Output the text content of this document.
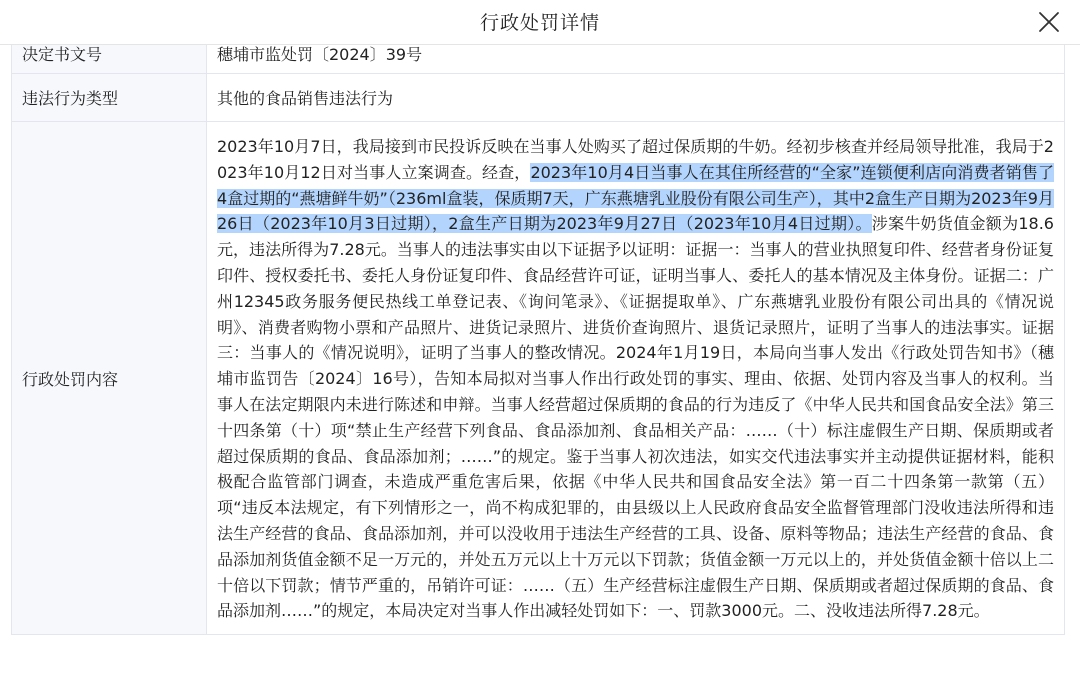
决定书文号	穗埔市监处罚〔2024〕39号
违法行为类型	其他的食品销售违法行为
行政处罚内容	2023年10月7日，我局接到市民投诉反映在当事人处购买了超过保质期的牛奶。经初步核查并经局领导批准，我局于2023年10月12日对当事人立案调查。经查，2023年10月4日当事人在其住所经营的“全家”连锁便利店向消费者销售了4盒过期的“燕塘鲜牛奶”（236ml盒装，保质期7天，广东燕塘乳业股份有限公司生产），其中2盒生产日期为2023年9月26日（2023年10月3日过期），2盒生产日期为2023年9月27日（2023年10月4日过期）。涉案牛奶货值金额为18.6元，违法所得为7.28元。当事人的违法事实由以下证据予以证明：证据一：当事人的营业执照复印件、经营者身份证复印件、授权委托书、委托人身份证复印件、食品经营许可证，证明当事人、委托人的基本情况及主体身份。证据二：广州12345政务服务便民热线工单登记表、《询问笔录》、《证据提取单》、广东燕塘乳业股份有限公司出具的《情况说明》、消费者购物小票和产品照片、进货记录照片、进货价查询照片、退货记录照片，证明了当事人的违法事实。证据三：当事人的《情况说明》，证明了当事人的整改情况。2024年1月19日，本局向当事人发出《行政处罚告知书》（穗埔市监罚告〔2024〕16号），告知本局拟对当事人作出行政处罚的事实、理由、依据、处罚内容及当事人的权利。当事人在法定期限内未进行陈述和申辩。当事人经营超过保质期的食品的行为违反了《中华人民共和国食品安全法》第三十四条第（十）项“禁止生产经营下列食品、食品添加剂、食品相关产品：……（十）标注虚假生产日期、保质期或者超过保质期的食品、食品添加剂；……”的规定。鉴于当事人初次违法，如实交代违法事实并主动提供证据材料，能积极配合监管部门调查，未造成严重危害后果，依据《中华人民共和国食品安全法》第一百二十四条第一款第（五）项“违反本法规定，有下列情形之一，尚不构成犯罪的，由县级以上人民政府食品安全监督管理部门没收违法所得和违法生产经营的食品、食品添加剂，并可以没收用于违法生产经营的工具、设备、原料等物品；违法生产经营的食品、食品添加剂货值金额不足一万元的，并处五万元以上十万元以下罚款；货值金额一万元以上的，并处货值金额十倍以上二十倍以下罚款；情节严重的，吊销许可证：……（五）生产经营标注虚假生产日期、保质期或者超过保质期的食品、食品添加剂……”的规定，本局决定对当事人作出减轻处罚如下：一、罚款3000元。二、没收违法所得7.28元。
行政处罚详情
